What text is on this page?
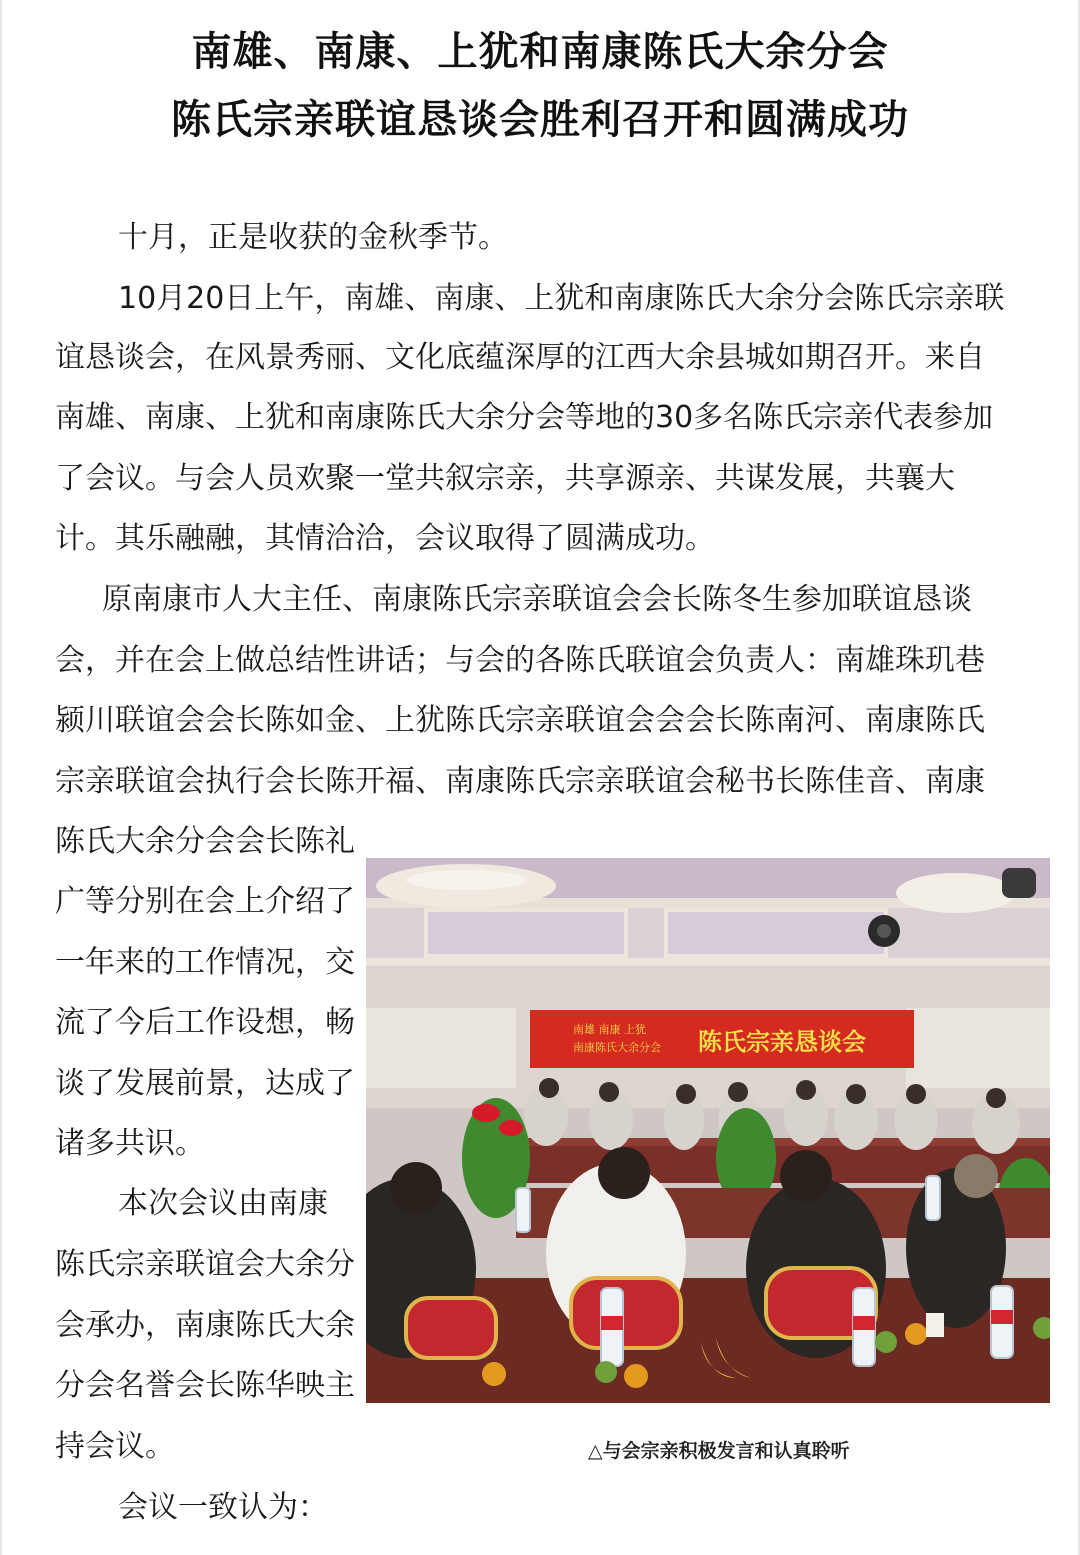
南雄、南康、上犹和南康陈氏大余分会
陈氏宗亲联谊恳谈会胜利召开和圆满成功
十月，正是收获的金秋季节。
10月20日上午，南雄、南康、上犹和南康陈氏大余分会陈氏宗亲联
谊恳谈会，在风景秀丽、文化底蕴深厚的江西大余县城如期召开。来自
南雄、南康、上犹和南康陈氏大余分会等地的30多名陈氏宗亲代表参加
了会议。与会人员欢聚一堂共叙宗亲，共享源亲、共谋发展，共襄大
计。其乐融融，其情洽洽，会议取得了圆满成功。
原南康市人大主任、南康陈氏宗亲联谊会会长陈冬生参加联谊恳谈
会，并在会上做总结性讲话；与会的各陈氏联谊会负责人：南雄珠玑巷
颍川联谊会会长陈如金、上犹陈氏宗亲联谊会会会长陈南河、南康陈氏
宗亲联谊会执行会长陈开福、南康陈氏宗亲联谊会秘书长陈佳音、南康
陈氏大余分会会长陈礼
广等分别在会上介绍了
一年来的工作情况，交
流了今后工作设想，畅
谈了发展前景，达成了
诸多共识。
本次会议由南康
陈氏宗亲联谊会大余分
会承办，南康陈氏大余
分会名誉会长陈华映主
持会议。
会议一致认为：
南雄 南康 上犹
南康陈氏大余分会 陈氏宗亲恳谈会
△与会宗亲积极发言和认真聆听
